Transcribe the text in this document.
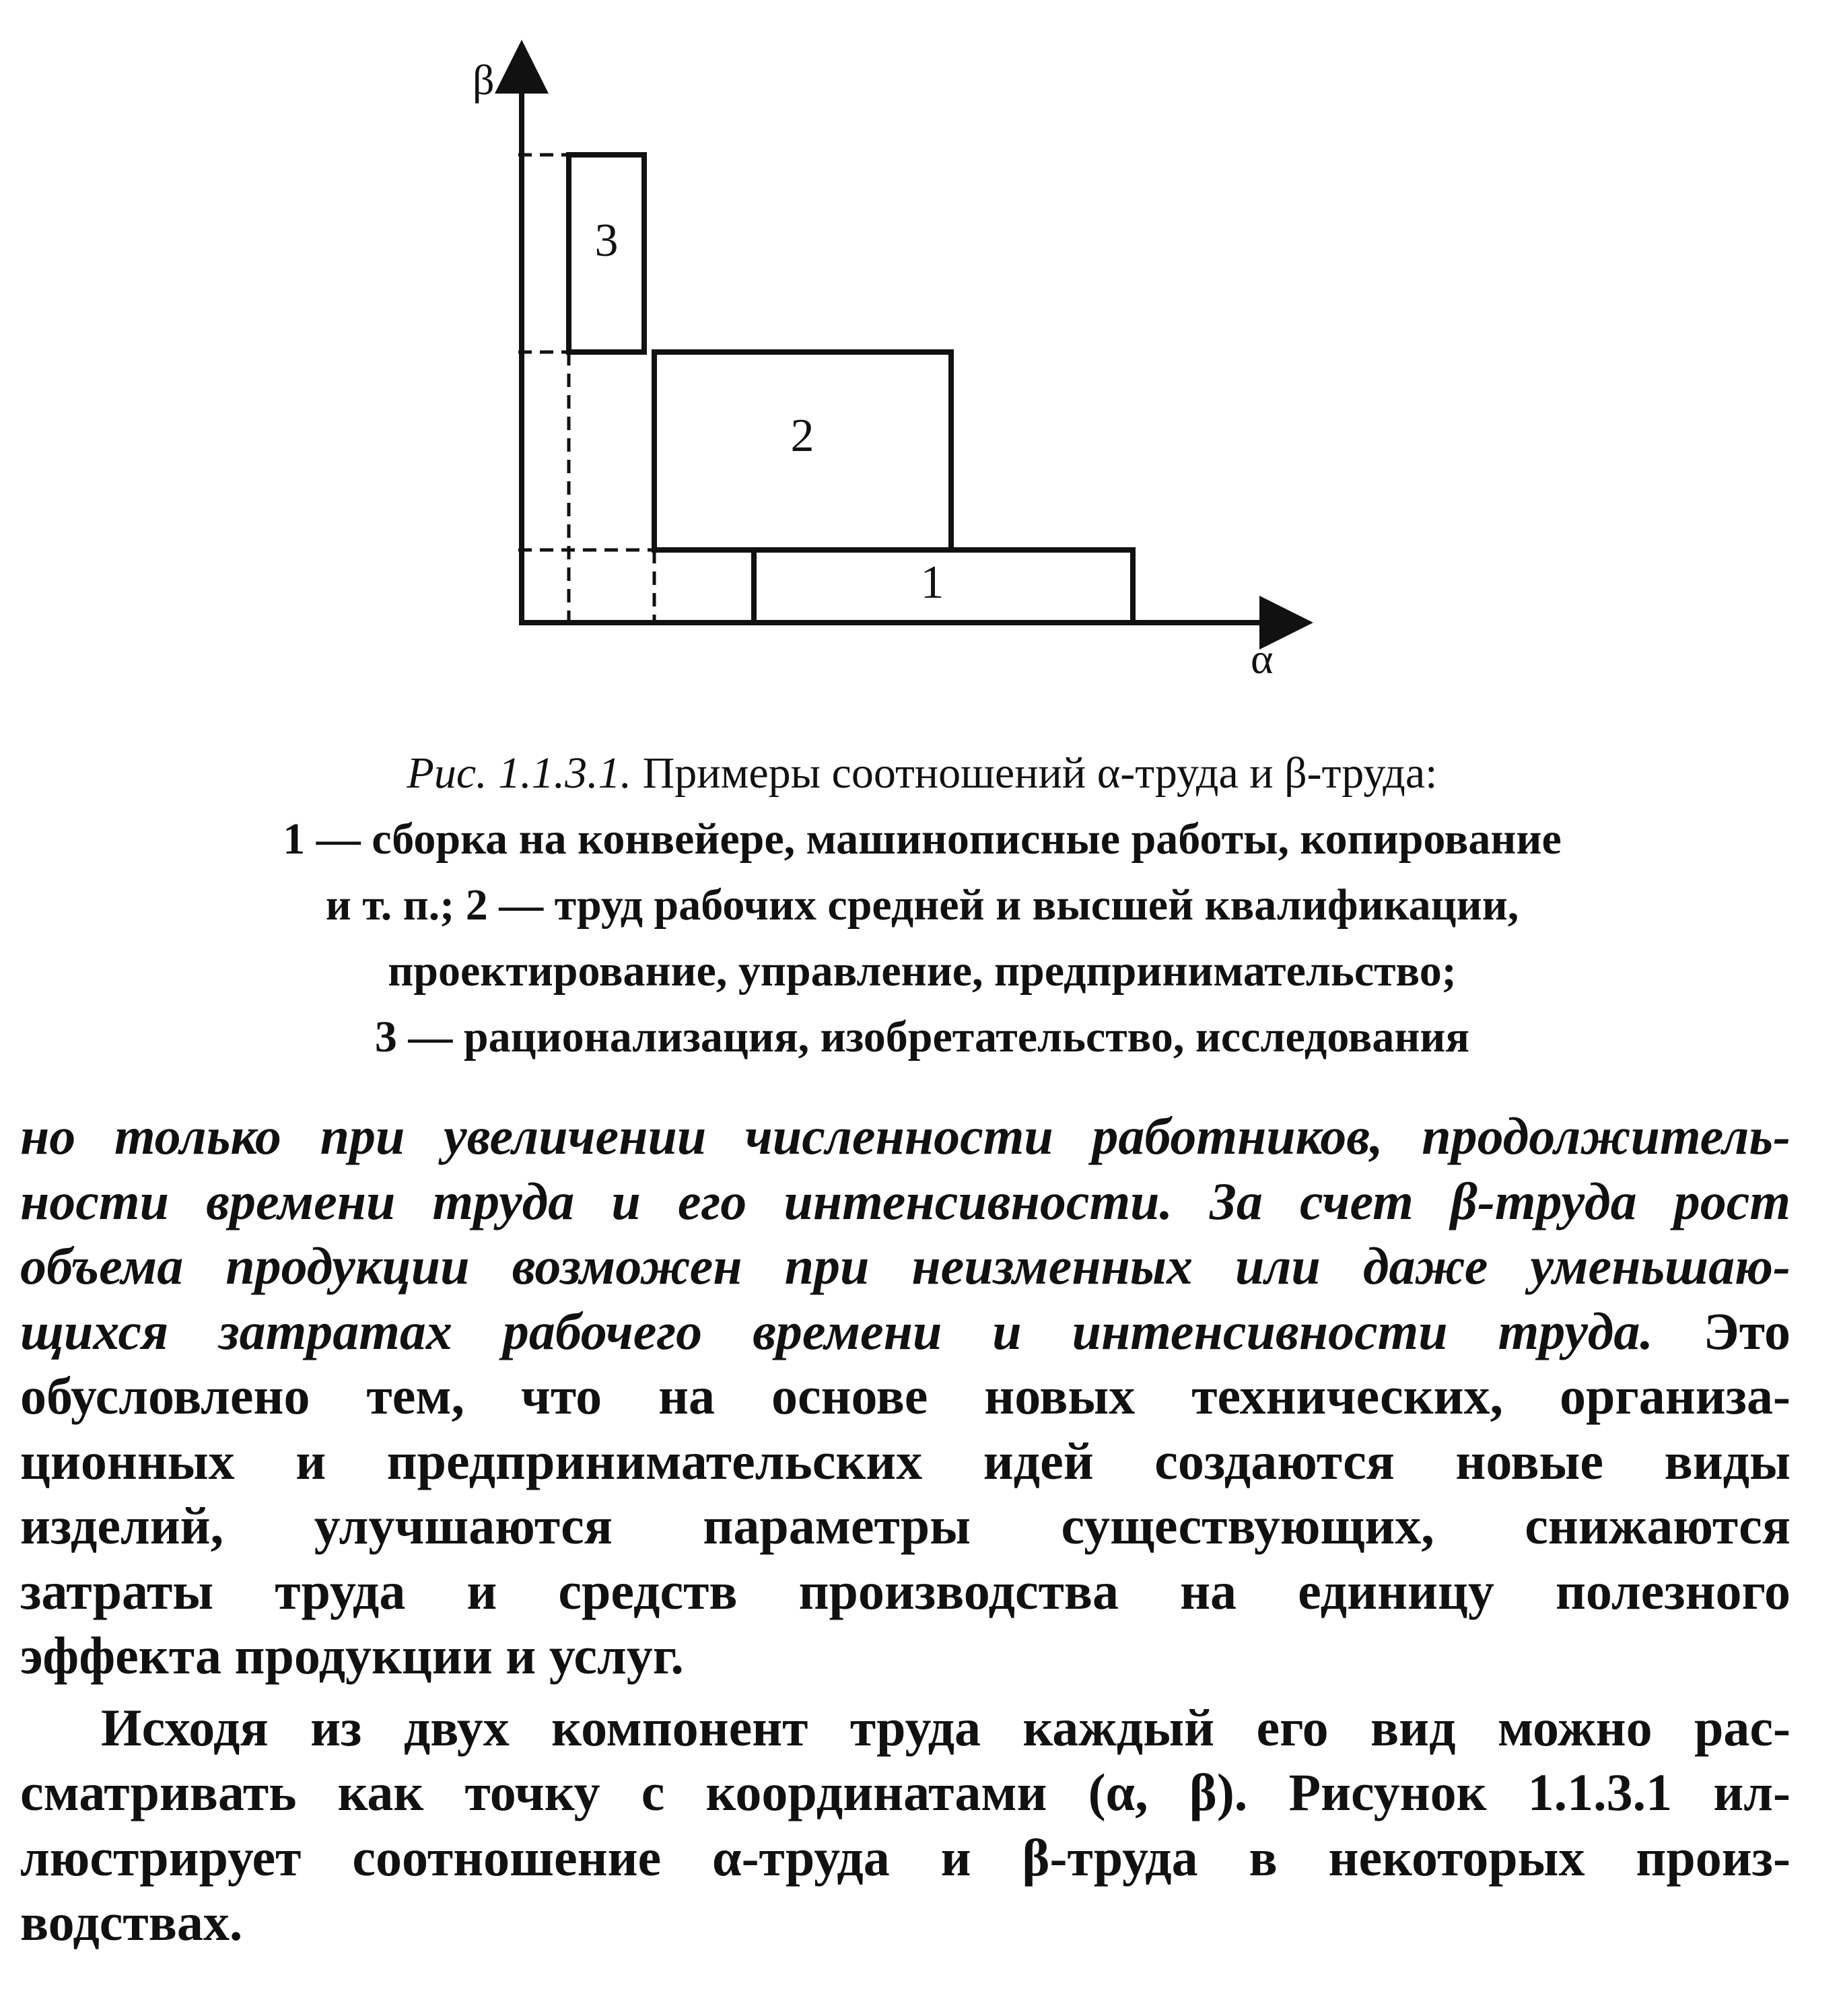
β
α
3
2
1
Рис. 1.1.3.1. Примеры соотношений α-труда и β-труда:
1 — сборка на конвейере, машинописные работы, копирование
и т. п.; 2 — труд рабочих средней и высшей квалификации,
проектирование, управление, предпринимательство;
3 — рационализация, изобретательство, исследования
но только при увеличении численности работников, продолжитель-
ности времени труда и его интенсивности. За счет β-труда рост
объема продукции возможен при неизменных или даже уменьшаю-
щихся затратах рабочего времени и интенсивности труда. Это
обусловлено тем, что на основе новых технических, организа-
ционных и предпринимательских идей создаются новые виды
изделий, улучшаются параметры существующих, снижаются
затраты труда и средств производства на единицу полезного
эффекта продукции и услуг.
Исходя из двух компонент труда каждый его вид можно рас-
сматривать как точку с координатами (α, β). Рисунок 1.1.3.1 ил-
люстрирует соотношение α-труда и β-труда в некоторых произ-
водствах.
